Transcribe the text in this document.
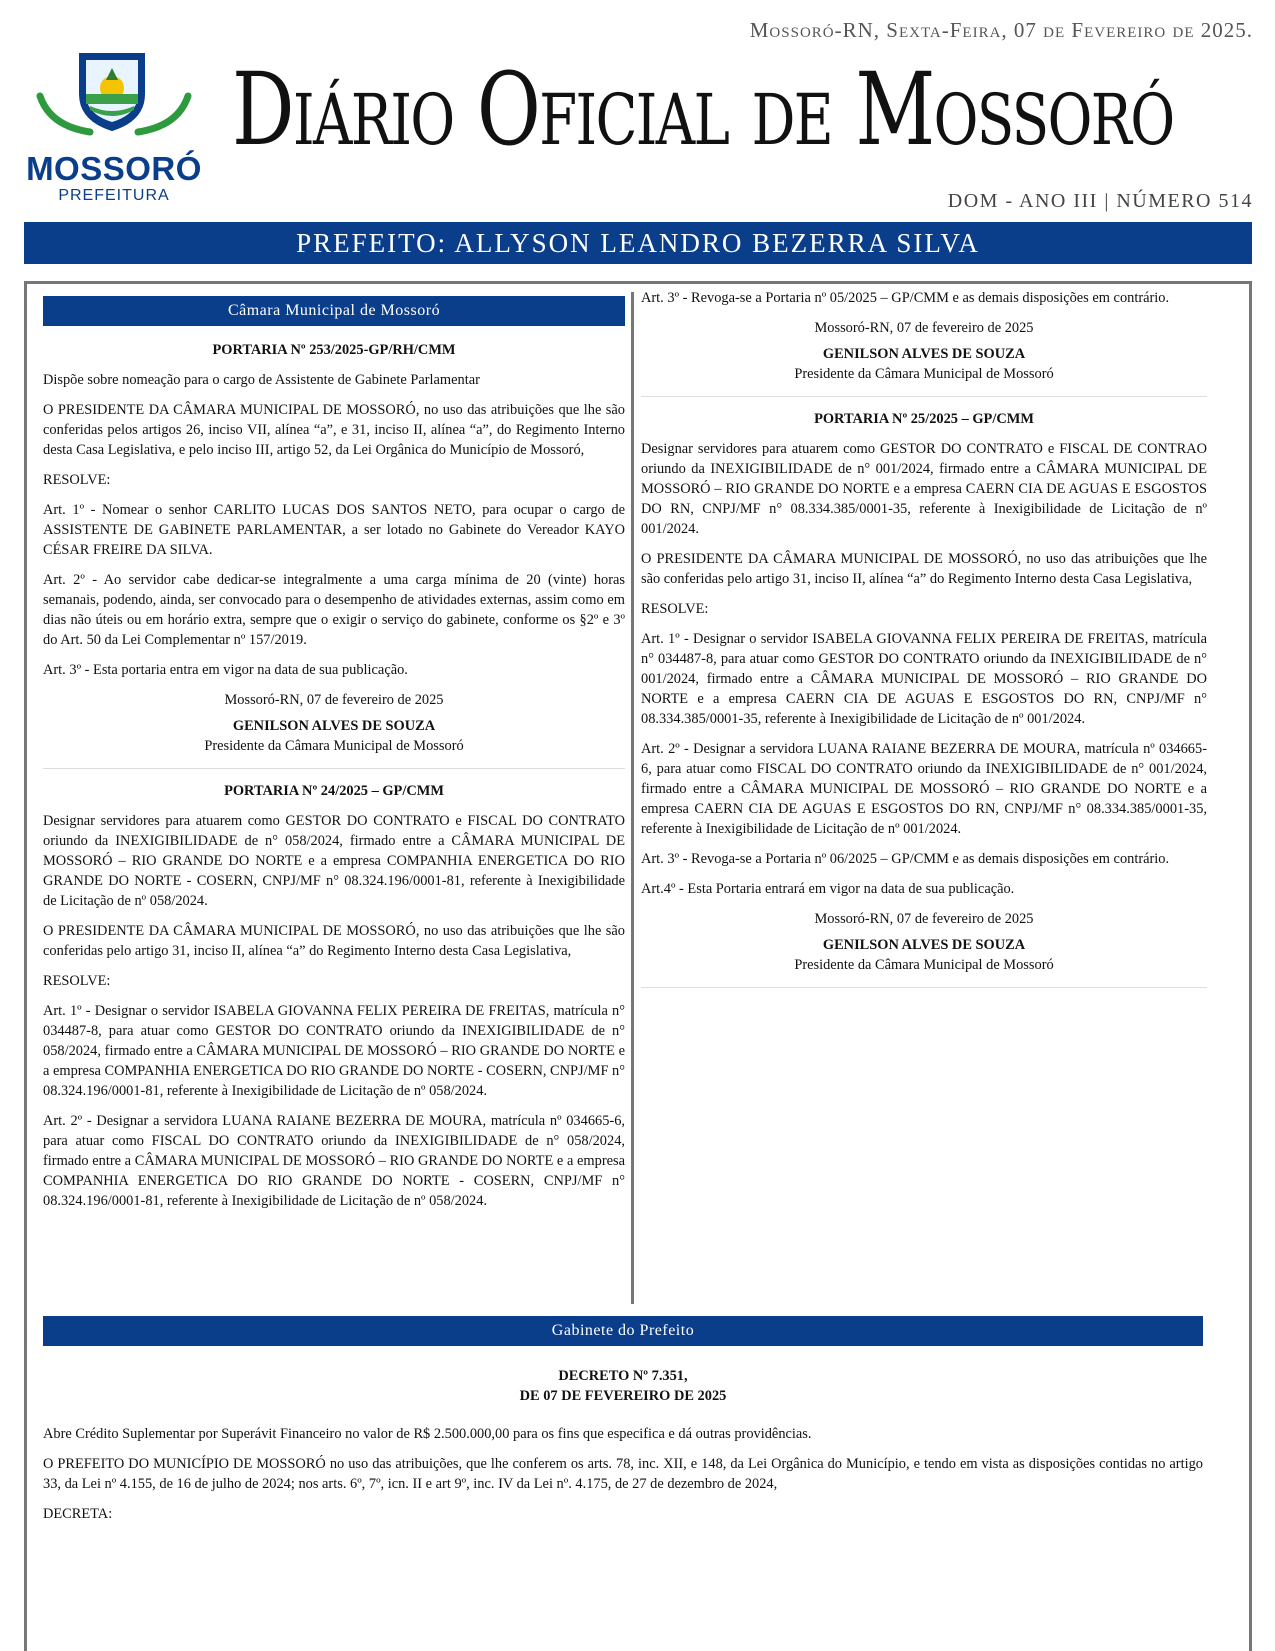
Mossoró-RN, Sexta-Feira, 07 de Fevereiro de 2025.
MOSSORÓ
PREFEITURA
Diário Oficial de Mossoró
DOM - ANO III | NÚMERO 514
PREFEITO: ALLYSON LEANDRO BEZERRA SILVA
Câmara Municipal de Mossoró
PORTARIA Nº 253/2025-GP/RH/CMM
Dispõe sobre nomeação para o cargo de Assistente de Gabinete Parlamentar
O PRESIDENTE DA CÂMARA MUNICIPAL DE MOSSORÓ, no uso das atribuições que lhe são conferidas pelos artigos 26, inciso VII, alínea “a”, e 31, inciso II, alínea “a”, do Regimento Interno desta Casa Legislativa, e pelo inciso III, artigo 52, da Lei Orgânica do Município de Mossoró,
RESOLVE:
Art. 1º - Nomear o senhor CARLITO LUCAS DOS SANTOS NETO, para ocupar o cargo de ASSISTENTE DE GABINETE PARLAMENTAR, a ser lotado no Gabinete do Vereador KAYO CÉSAR FREIRE DA SILVA.
Art. 2º - Ao servidor cabe dedicar-se integralmente a uma carga mínima de 20 (vinte) horas semanais, podendo, ainda, ser convocado para o desempenho de atividades externas, assim como em dias não úteis ou em horário extra, sempre que o exigir o serviço do gabinete, conforme os §2º e 3º do Art. 50 da Lei Complementar nº 157/2019.
Art. 3º - Esta portaria entra em vigor na data de sua publicação.
Mossoró-RN, 07 de fevereiro de 2025
GENILSON ALVES DE SOUZA
Presidente da Câmara Municipal de Mossoró
PORTARIA Nº 24/2025 – GP/CMM
Designar servidores para atuarem como GESTOR DO CONTRATO e FISCAL DO CONTRATO oriundo da INEXIGIBILIDADE de n° 058/2024, firmado entre a CÂMARA MUNICIPAL DE MOSSORÓ – RIO GRANDE DO NORTE e a empresa COMPANHIA ENERGETICA DO RIO GRANDE DO NORTE - COSERN, CNPJ/MF n° 08.324.196/0001-81, referente à Inexigibilidade de Licitação de nº 058/2024.
O PRESIDENTE DA CÂMARA MUNICIPAL DE MOSSORÓ, no uso das atribuições que lhe são conferidas pelo artigo 31, inciso II, alínea “a” do Regimento Interno desta Casa Legislativa,
RESOLVE:
Art. 1º - Designar o servidor ISABELA GIOVANNA FELIX PEREIRA DE FREITAS, matrícula n° 034487-8, para atuar como GESTOR DO CONTRATO oriundo da INEXIGIBILIDADE de n° 058/2024, firmado entre a CÂMARA MUNICIPAL DE MOSSORÓ – RIO GRANDE DO NORTE e a empresa COMPANHIA ENERGETICA DO RIO GRANDE DO NORTE - COSERN, CNPJ/MF n° 08.324.196/0001-81, referente à Inexigibilidade de Licitação de nº 058/2024.
Art. 2º - Designar a servidora LUANA RAIANE BEZERRA DE MOURA, matrícula nº 034665-6, para atuar como FISCAL DO CONTRATO oriundo da INEXIGIBILIDADE de n° 058/2024, firmado entre a CÂMARA MUNICIPAL DE MOSSORÓ – RIO GRANDE DO NORTE e a empresa COMPANHIA ENERGETICA DO RIO GRANDE DO NORTE - COSERN, CNPJ/MF n° 08.324.196/0001-81, referente à Inexigibilidade de Licitação de nº 058/2024.
Art. 3º - Revoga-se a Portaria nº 05/2025 – GP/CMM e as demais disposições em contrário.
Mossoró-RN, 07 de fevereiro de 2025
GENILSON ALVES DE SOUZA
Presidente da Câmara Municipal de Mossoró
PORTARIA Nº 25/2025 – GP/CMM
Designar servidores para atuarem como GESTOR DO CONTRATO e FISCAL DE CONTRAO oriundo da INEXIGIBILIDADE de n° 001/2024, firmado entre a CÂMARA MUNICIPAL DE MOSSORÓ – RIO GRANDE DO NORTE e a empresa CAERN CIA DE AGUAS E ESGOSTOS DO RN, CNPJ/MF n° 08.334.385/0001-35, referente à Inexigibilidade de Licitação de nº 001/2024.
O PRESIDENTE DA CÂMARA MUNICIPAL DE MOSSORÓ, no uso das atribuições que lhe são conferidas pelo artigo 31, inciso II, alínea “a” do Regimento Interno desta Casa Legislativa,
RESOLVE:
Art. 1º - Designar o servidor ISABELA GIOVANNA FELIX PEREIRA DE FREITAS, matrícula n° 034487-8, para atuar como GESTOR DO CONTRATO oriundo da INEXIGIBILIDADE de n° 001/2024, firmado entre a CÂMARA MUNICIPAL DE MOSSORÓ – RIO GRANDE DO NORTE e a empresa CAERN CIA DE AGUAS E ESGOSTOS DO RN, CNPJ/MF n° 08.334.385/0001-35, referente à Inexigibilidade de Licitação de nº 001/2024.
Art. 2º - Designar a servidora LUANA RAIANE BEZERRA DE MOURA, matrícula nº 034665-6, para atuar como FISCAL DO CONTRATO oriundo da INEXIGIBILIDADE de n° 001/2024, firmado entre a CÂMARA MUNICIPAL DE MOSSORÓ – RIO GRANDE DO NORTE e a empresa CAERN CIA DE AGUAS E ESGOSTOS DO RN, CNPJ/MF n° 08.334.385/0001-35, referente à Inexigibilidade de Licitação de nº 001/2024.
Art. 3º - Revoga-se a Portaria nº 06/2025 – GP/CMM e as demais disposições em contrário.
Art.4º - Esta Portaria entrará em vigor na data de sua publicação.
Mossoró-RN, 07 de fevereiro de 2025
GENILSON ALVES DE SOUZA
Presidente da Câmara Municipal de Mossoró
Gabinete do Prefeito
DECRETO Nº 7.351,
DE 07 DE FEVEREIRO DE 2025
Abre Crédito Suplementar por Superávit Financeiro no valor de R$ 2.500.000,00 para os fins que especifica e dá outras providências.
O PREFEITO DO MUNICÍPIO DE MOSSORÓ no uso das atribuições, que lhe conferem os arts. 78, inc. XII, e 148, da Lei Orgânica do Município, e tendo em vista as disposições contidas no artigo 33, da Lei nº 4.155, de 16 de julho de 2024; nos arts. 6º, 7º, icn. II e art 9º, inc. IV da Lei nº. 4.175, de 27 de dezembro de 2024,
DECRETA:
